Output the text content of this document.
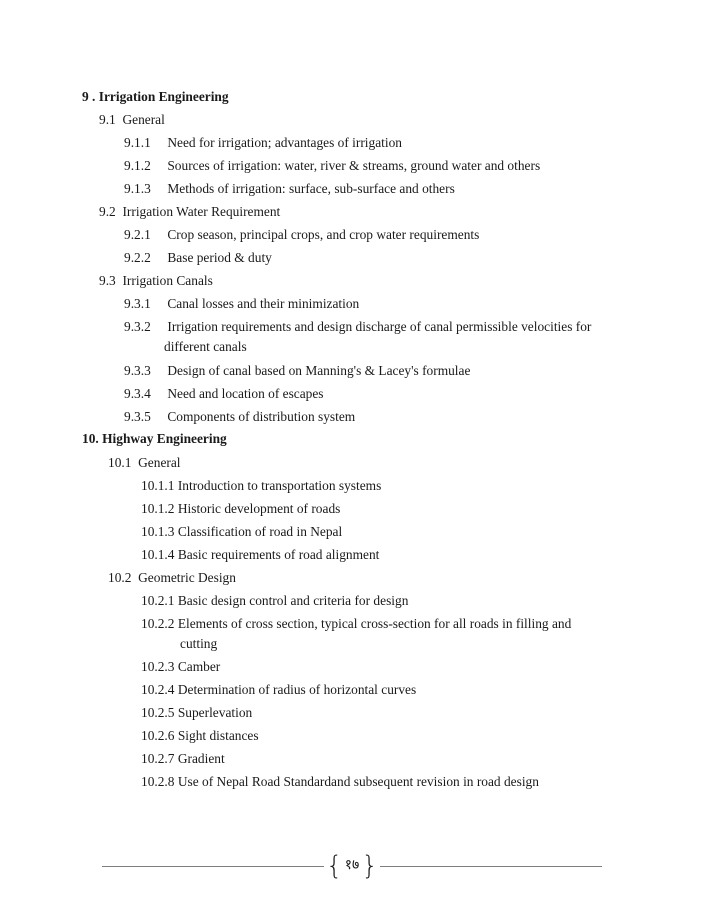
9 . Irrigation Engineering
9.1 General
9.1.1 Need for irrigation; advantages of irrigation
9.1.2 Sources of irrigation: water, river & streams, ground water and others
9.1.3 Methods of irrigation: surface, sub-surface and others
9.2 Irrigation Water Requirement
9.2.1 Crop season, principal crops, and crop water requirements
9.2.2 Base period & duty
9.3 Irrigation Canals
9.3.1 Canal losses and their minimization
9.3.2 Irrigation requirements and design discharge of canal permissible velocities for
different canals
9.3.3 Design of canal based on Manning's & Lacey's formulae
9.3.4 Need and location of escapes
9.3.5 Components of distribution system
10. Highway Engineering
10.1 General
10.1.1 Introduction to transportation systems
10.1.2 Historic development of roads
10.1.3 Classification of road in Nepal
10.1.4 Basic requirements of road alignment
10.2 Geometric Design
10.2.1 Basic design control and criteria for design
10.2.2 Elements of cross section, typical cross-section for all roads in filling and
cutting
10.2.3 Camber
10.2.4 Determination of radius of horizontal curves
10.2.5 Superlevation
10.2.6 Sight distances
10.2.7 Gradient
10.2.8 Use of Nepal Road Standardand subsequent revision in road design
{ १७ }
